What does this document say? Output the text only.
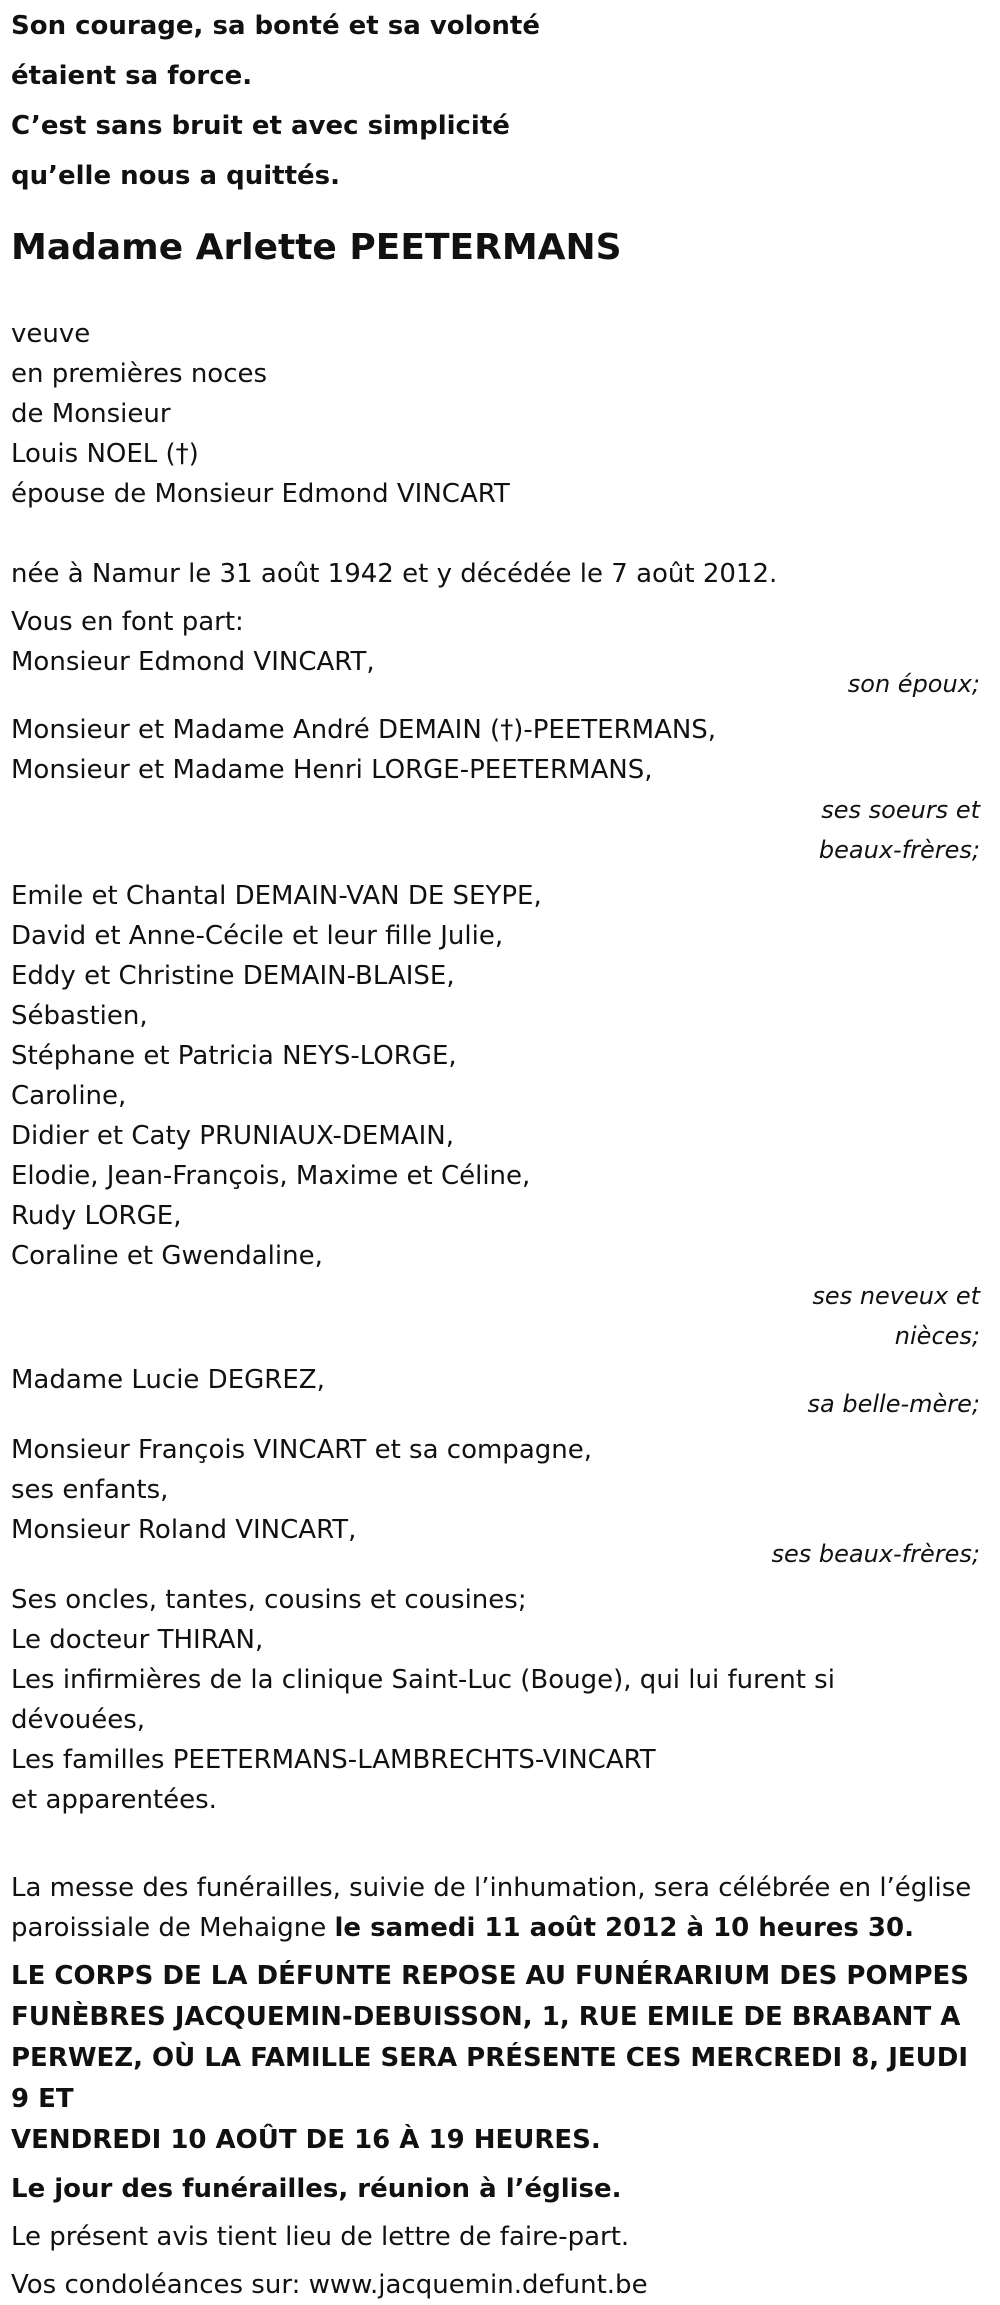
Son courage, sa bonté et sa volonté
étaient sa force.
C’est sans bruit et avec simplicité
qu’elle nous a quittés.
Madame Arlette PEETERMANS
veuve
en premières noces
de Monsieur
Louis NOEL (†)
épouse de Monsieur Edmond VINCART
née à Namur le 31 août 1942 et y décédée le 7 août 2012.
Vous en font part:
Monsieur Edmond VINCART,
son époux;
Monsieur et Madame André DEMAIN (†)-PEETERMANS,
Monsieur et Madame Henri LORGE-PEETERMANS,
ses soeurs et
beaux-frères;
Emile et Chantal DEMAIN-VAN DE SEYPE,
David et Anne-Cécile et leur fille Julie,
Eddy et Christine DEMAIN-BLAISE,
Sébastien,
Stéphane et Patricia NEYS-LORGE,
Caroline,
Didier et Caty PRUNIAUX-DEMAIN,
Elodie, Jean-François, Maxime et Céline,
Rudy LORGE,
Coraline et Gwendaline,
ses neveux et
nièces;
Madame Lucie DEGREZ,
sa belle-mère;
Monsieur François VINCART et sa compagne,
ses enfants,
Monsieur Roland VINCART,
ses beaux-frères;
Ses oncles, tantes, cousins et cousines;
Le docteur THIRAN,
Les infirmières de la clinique Saint-Luc (Bouge), qui lui furent si
dévouées,
Les familles PEETERMANS-LAMBRECHTS-VINCART
et apparentées.
La messe des funérailles, suivie de l’inhumation, sera célébrée en l’église
paroissiale de Mehaigne le samedi 11 août 2012 à 10 heures 30.
LE CORPS DE LA DÉFUNTE REPOSE AU FUNÉRARIUM DES POMPES
FUNÈBRES JACQUEMIN-DEBUISSON, 1, RUE EMILE DE BRABANT A
PERWEZ, OÙ LA FAMILLE SERA PRÉSENTE CES MERCREDI 8, JEUDI 9 ET
VENDREDI 10 AOÛT DE 16 À 19 HEURES.
Le jour des funérailles, réunion à l’église.
Le présent avis tient lieu de lettre de faire-part.
Vos condoléances sur: www.jacquemin.defunt.be
